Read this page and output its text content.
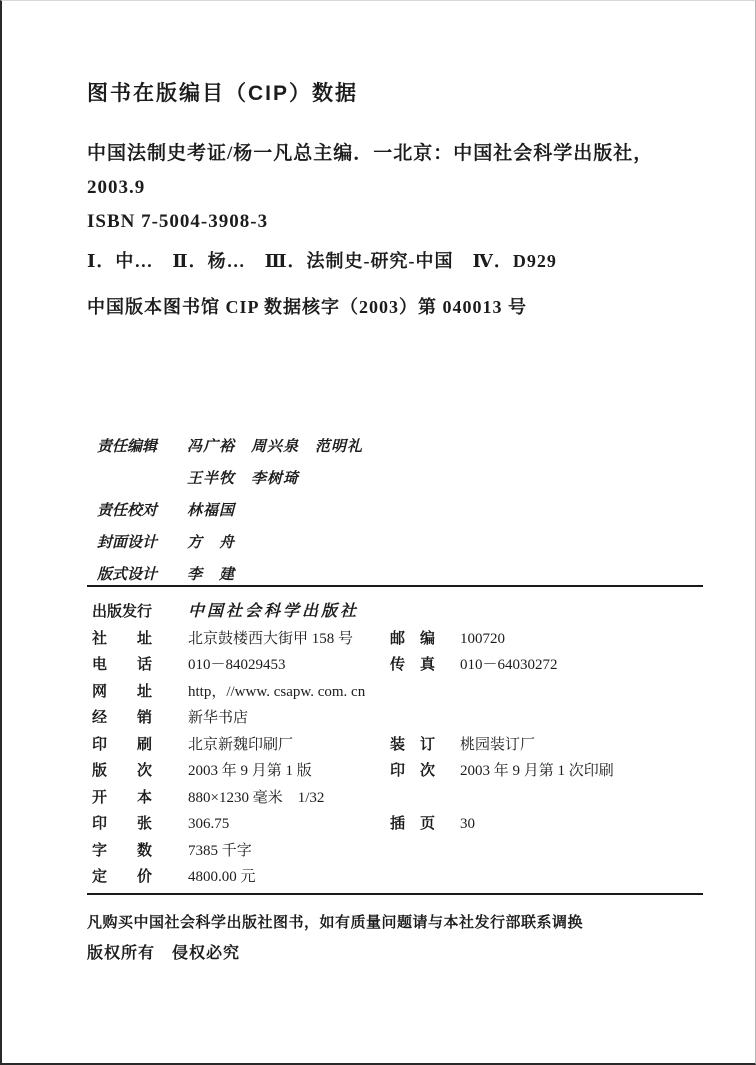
图书在版编目（CIP）数据
中国法制史考证/杨一凡总主编．一北京：中国社会科学出版社，
2003.9
ISBN 7-5004-3908-3
Ⅰ．中…　Ⅱ．杨…　Ⅲ．法制史-研究-中国　Ⅳ．D929
中国版本图书馆 CIP 数据核字（2003）第 040013 号
责任编辑	冯广裕　周兴泉　范明礼
王半牧　李树琦
责任校对	林福国
封面设计	方　舟
版式设计	李　建
出版发行	中国社会科学出版社
社　　址	北京鼓楼西大街甲 158 号	邮　编	100720
电　　话	010－84029453	传　真	010－64030272
网　　址	http，//www. csapw. com. cn
经　　销	新华书店
印　　刷	北京新魏印刷厂	装　订	桃园装订厂
版　　次	2003 年 9 月第 1 版	印　次	2003 年 9 月第 1 次印刷
开　　本	880×1230 毫米　1/32
印　　张	306.75	插　页	30
字　　数	7385 千字
定　　价	4800.00 元
凡购买中国社会科学出版社图书，如有质量问题请与本社发行部联系调换
版权所有　侵权必究
